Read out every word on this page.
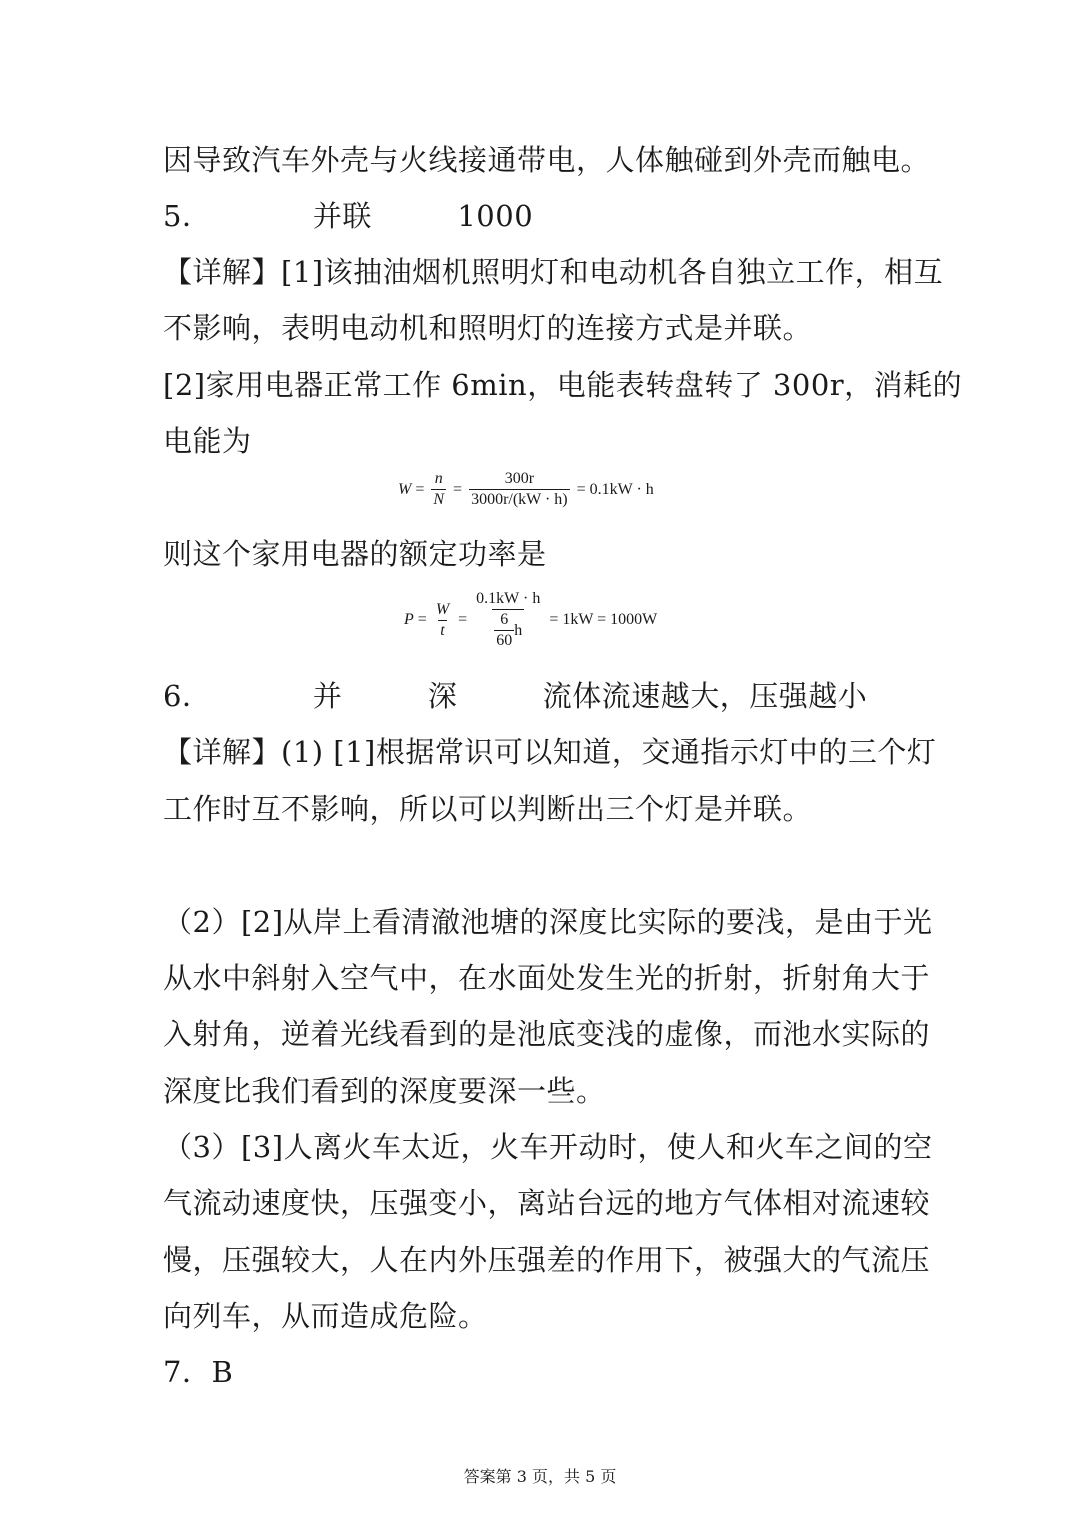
因导致汽车外壳与火线接通带电，人体触碰到外壳而触电。
5．	并联	1000
【详解】[1]该抽油烟机照明灯和电动机各自独立工作，相互
不影响，表明电动机和照明灯的连接方式是并联。
[2]家用电器正常工作 6min，电能表转盘转了 300r，消耗的
电能为
$W = \frac{n}{N} = \frac{300r}{3000r/(kW \cdot h)} = 0.1kW \cdot h$
则这个家用电器的额定功率是
$P = \frac{W}{t} = \frac{0.1kW \cdot h}{\frac{6}{60} h} = 1kW = 1000W$
6．	并	深	流体流速越大，压强越小
【详解】(1) [1]根据常识可以知道，交通指示灯中的三个灯
工作时互不影响，所以可以判断出三个灯是并联。
（2）[2]从岸上看清澈池塘的深度比实际的要浅，是由于光
从水中斜射入空气中，在水面处发生光的折射，折射角大于
入射角，逆着光线看到的是池底变浅的虚像，而池水实际的
深度比我们看到的深度要深一些。
（3）[3]人离火车太近，火车开动时，使人和火车之间的空
气流动速度快，压强变小，离站台远的地方气体相对流速较
慢，压强较大，人在内外压强差的作用下，被强大的气流压
向列车，从而造成危险。
7．B
答案第 3 页，共 5 页
